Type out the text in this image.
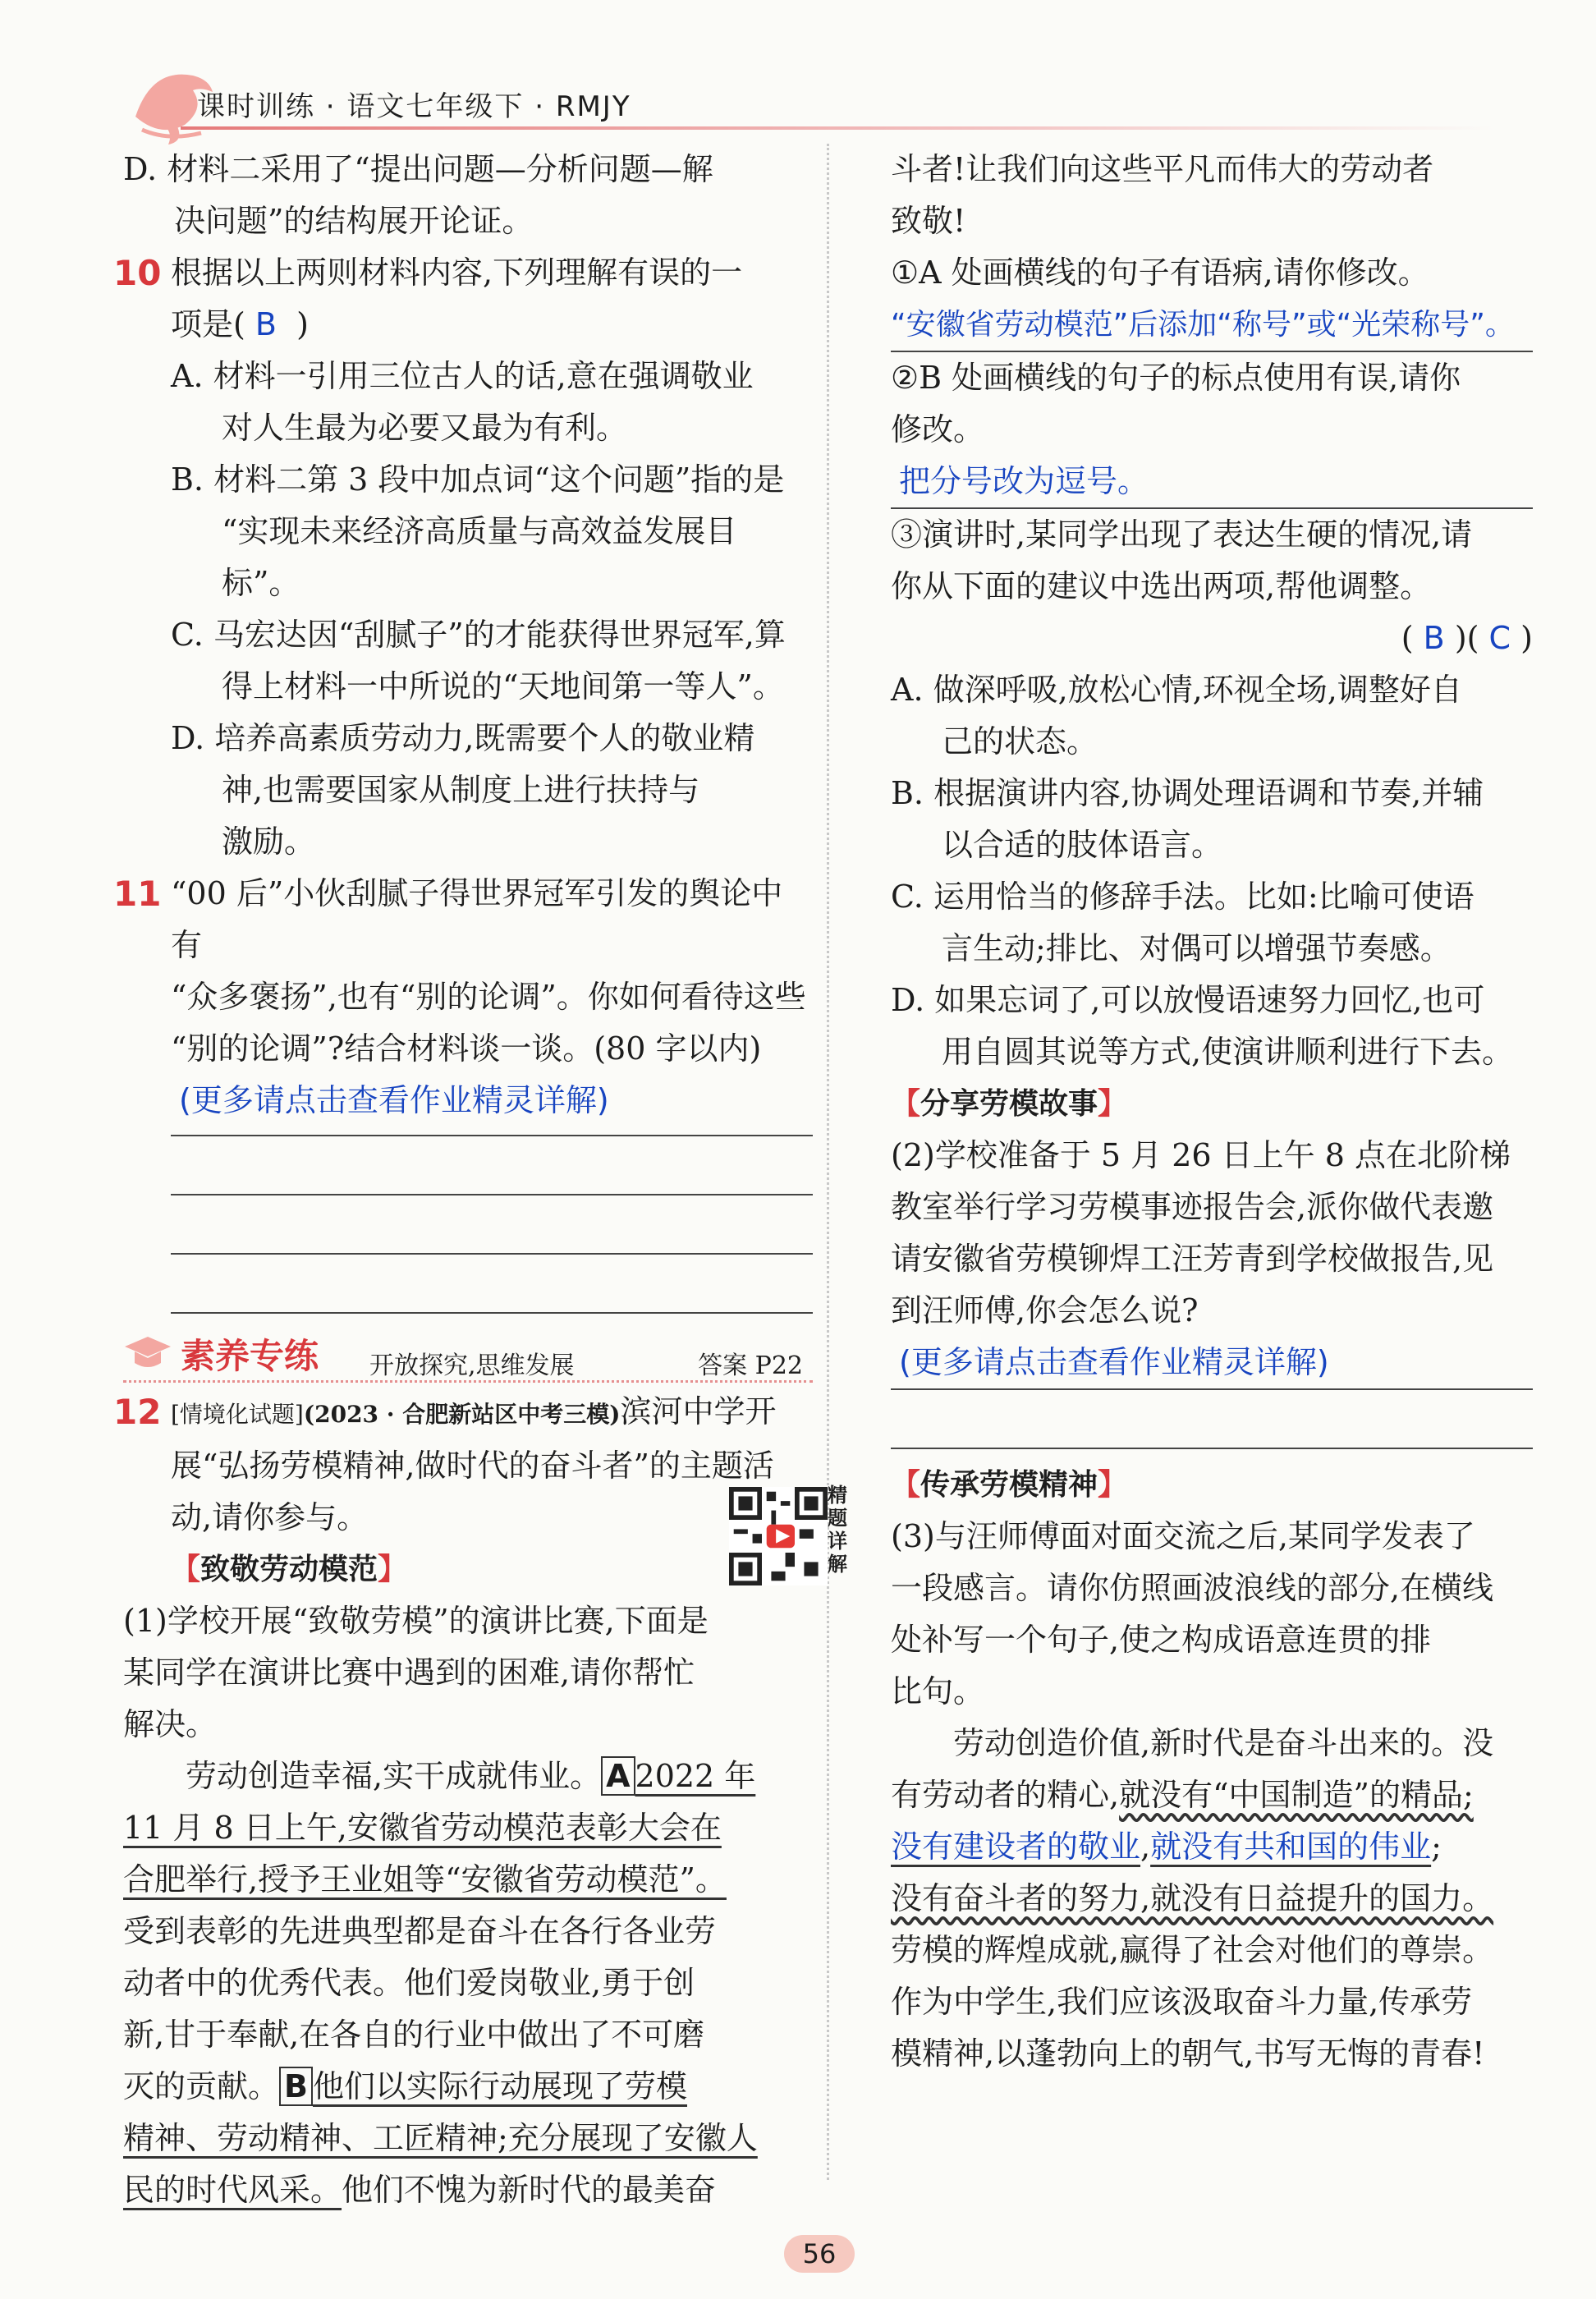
课时训练 · 语文七年级下 · RMJY

D. 材料二采用了“提出问题—分析问题—解
决问题”的结构展开论证。

10 根据以上两则材料内容,下列理解有误的一
项是( B )

A. 材料一引用三位古人的话,意在强调敬业
对人生最为必要又最为有利。

B. 材料二第 3 段中加点词“这个问题”指的是
“实现未来经济高质量与高效益发展目标”。

C. 马宏达因“刮腻子”的才能获得世界冠军,算
得上材料一中所说的“天地间第一等人”。

D. 培养高素质劳动力,既需要个人的敬业精
神,也需要国家从制度上进行扶持与
激励。

11 “00 后”小伙刮腻子得世界冠军引发的舆论中有
“众多褒扬”,也有“别的论调”。你如何看待这些
“别的论调”?结合材料谈一谈。(80 字以内)

(更多请点击查看作业精灵详解)

素养专练 开放探究,思维发展	答案 P22
12 [情境化试题](2023 · 合肥新站区中考三模)滨河中学开

展“弘扬劳模精神,做时代的奋斗者”的主题活

动,请你参与。

精题详解

【致敬劳动模范】

(1)学校开展“致敬劳模”的演讲比赛,下面是
某同学在演讲比赛中遇到的困难,请你帮忙
解决。

劳动创造幸福,实干成就伟业。 A 2022 年

11 月 8 日上午,安徽省劳动模范表彰大会在

合肥举行,授予王业姐等“安徽省劳动模范”。

受到表彰的先进典型都是奋斗在各行各业劳

动者中的优秀代表。他们爱岗敬业,勇于创

新,甘于奉献,在各自的行业中做出了不可磨

灭的贡献。 B 他们以实际行动展现了劳模

精神、劳动精神、工匠精神;充分展现了安徽人

民的时代风采。他们不愧为新时代的最美奋

斗者!让我们向这些平凡而伟大的劳动者
致敬!

①A 处画横线的句子有语病,请你修改。

“安徽省劳动模范”后添加“称号”或“光荣称号”。

②B 处画横线的句子的标点使用有误,请你
修改。

把分号改为逗号。

③演讲时,某同学出现了表达生硬的情况,请
你从下面的建议中选出两项,帮他调整。

( B )( C )

A. 做深呼吸,放松心情,环视全场,调整好自
己的状态。

B. 根据演讲内容,协调处理语调和节奏,并辅
以合适的肢体语言。

C. 运用恰当的修辞手法。比如:比喻可使语
言生动;排比、对偶可以增强节奏感。

D. 如果忘词了,可以放慢语速努力回忆,也可
用自圆其说等方式,使演讲顺利进行下去。

【分享劳模故事】

(2)学校准备于 5 月 26 日上午 8 点在北阶梯
教室举行学习劳模事迹报告会,派你做代表邀
请安徽省劳模铆焊工汪芳青到学校做报告,见
到汪师傅,你会怎么说?

(更多请点击查看作业精灵详解)

【传承劳模精神】

(3)与汪师傅面对面交流之后,某同学发表了
一段感言。请你仿照画波浪线的部分,在横线
处补写一个句子,使之构成语意连贯的排
比句。

劳动创造价值,新时代是奋斗出来的。没

有劳动者的精心,就没有“中国制造”的精品;

没有建设者的敬业,就没有共和国的伟业;

没有奋斗者的努力,就没有日益提升的国力。

劳模的辉煌成就,赢得了社会对他们的尊崇。

作为中学生,我们应该汲取奋斗力量,传承劳

模精神,以蓬勃向上的朝气,书写无悔的青春!

56
